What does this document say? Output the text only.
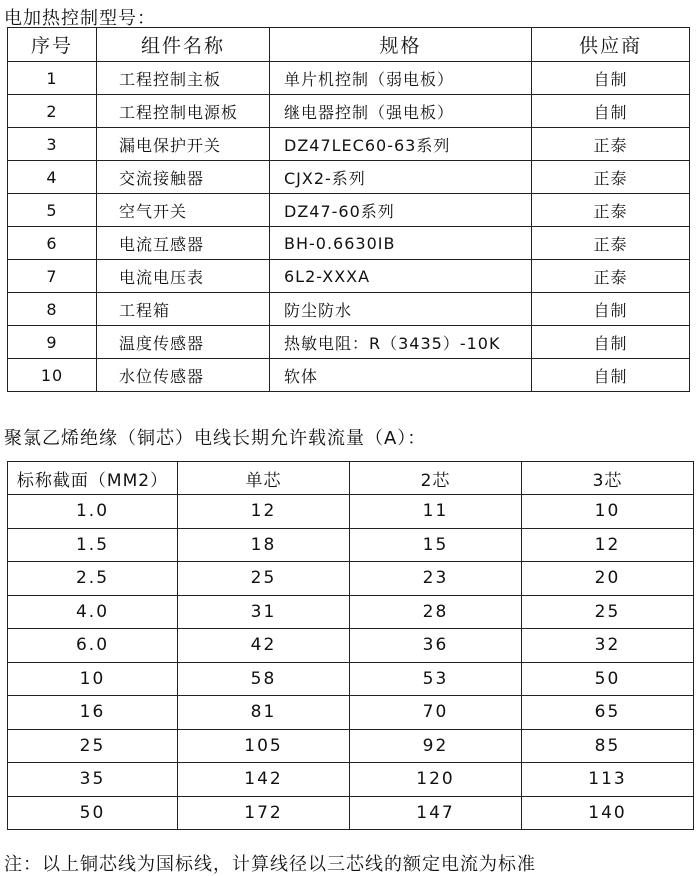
电加热控制型号：
序号	组件名称	规格	供应商
1	工程控制主板	单片机控制（弱电板）	自制
2	工程控制电源板	继电器控制（强电板）	自制
3	漏电保护开关	DZ47LEC60-63系列	正泰
4	交流接触器	CJX2-系列	正泰
5	空气开关	DZ47-60系列	正泰
6	电流互感器	BH-0.6630IB	正泰
7	电流电压表	6L2-XXXA	正泰
8	工程箱	防尘防水	自制
9	温度传感器	热敏电阻：R（3435）-10K	自制
10	水位传感器	软体	自制
聚氯乙烯绝缘（铜芯）电线长期允许载流量（A）：
标称截面（MM2）	单芯	2芯	3芯
1.0	12	11	10
1.5	18	15	12
2.5	25	23	20
4.0	31	28	25
6.0	42	36	32
10	58	53	50
16	81	70	65
25	105	92	85
35	142	120	113
50	172	147	140
注：以上铜芯线为国标线，计算线径以三芯线的额定电流为标准
